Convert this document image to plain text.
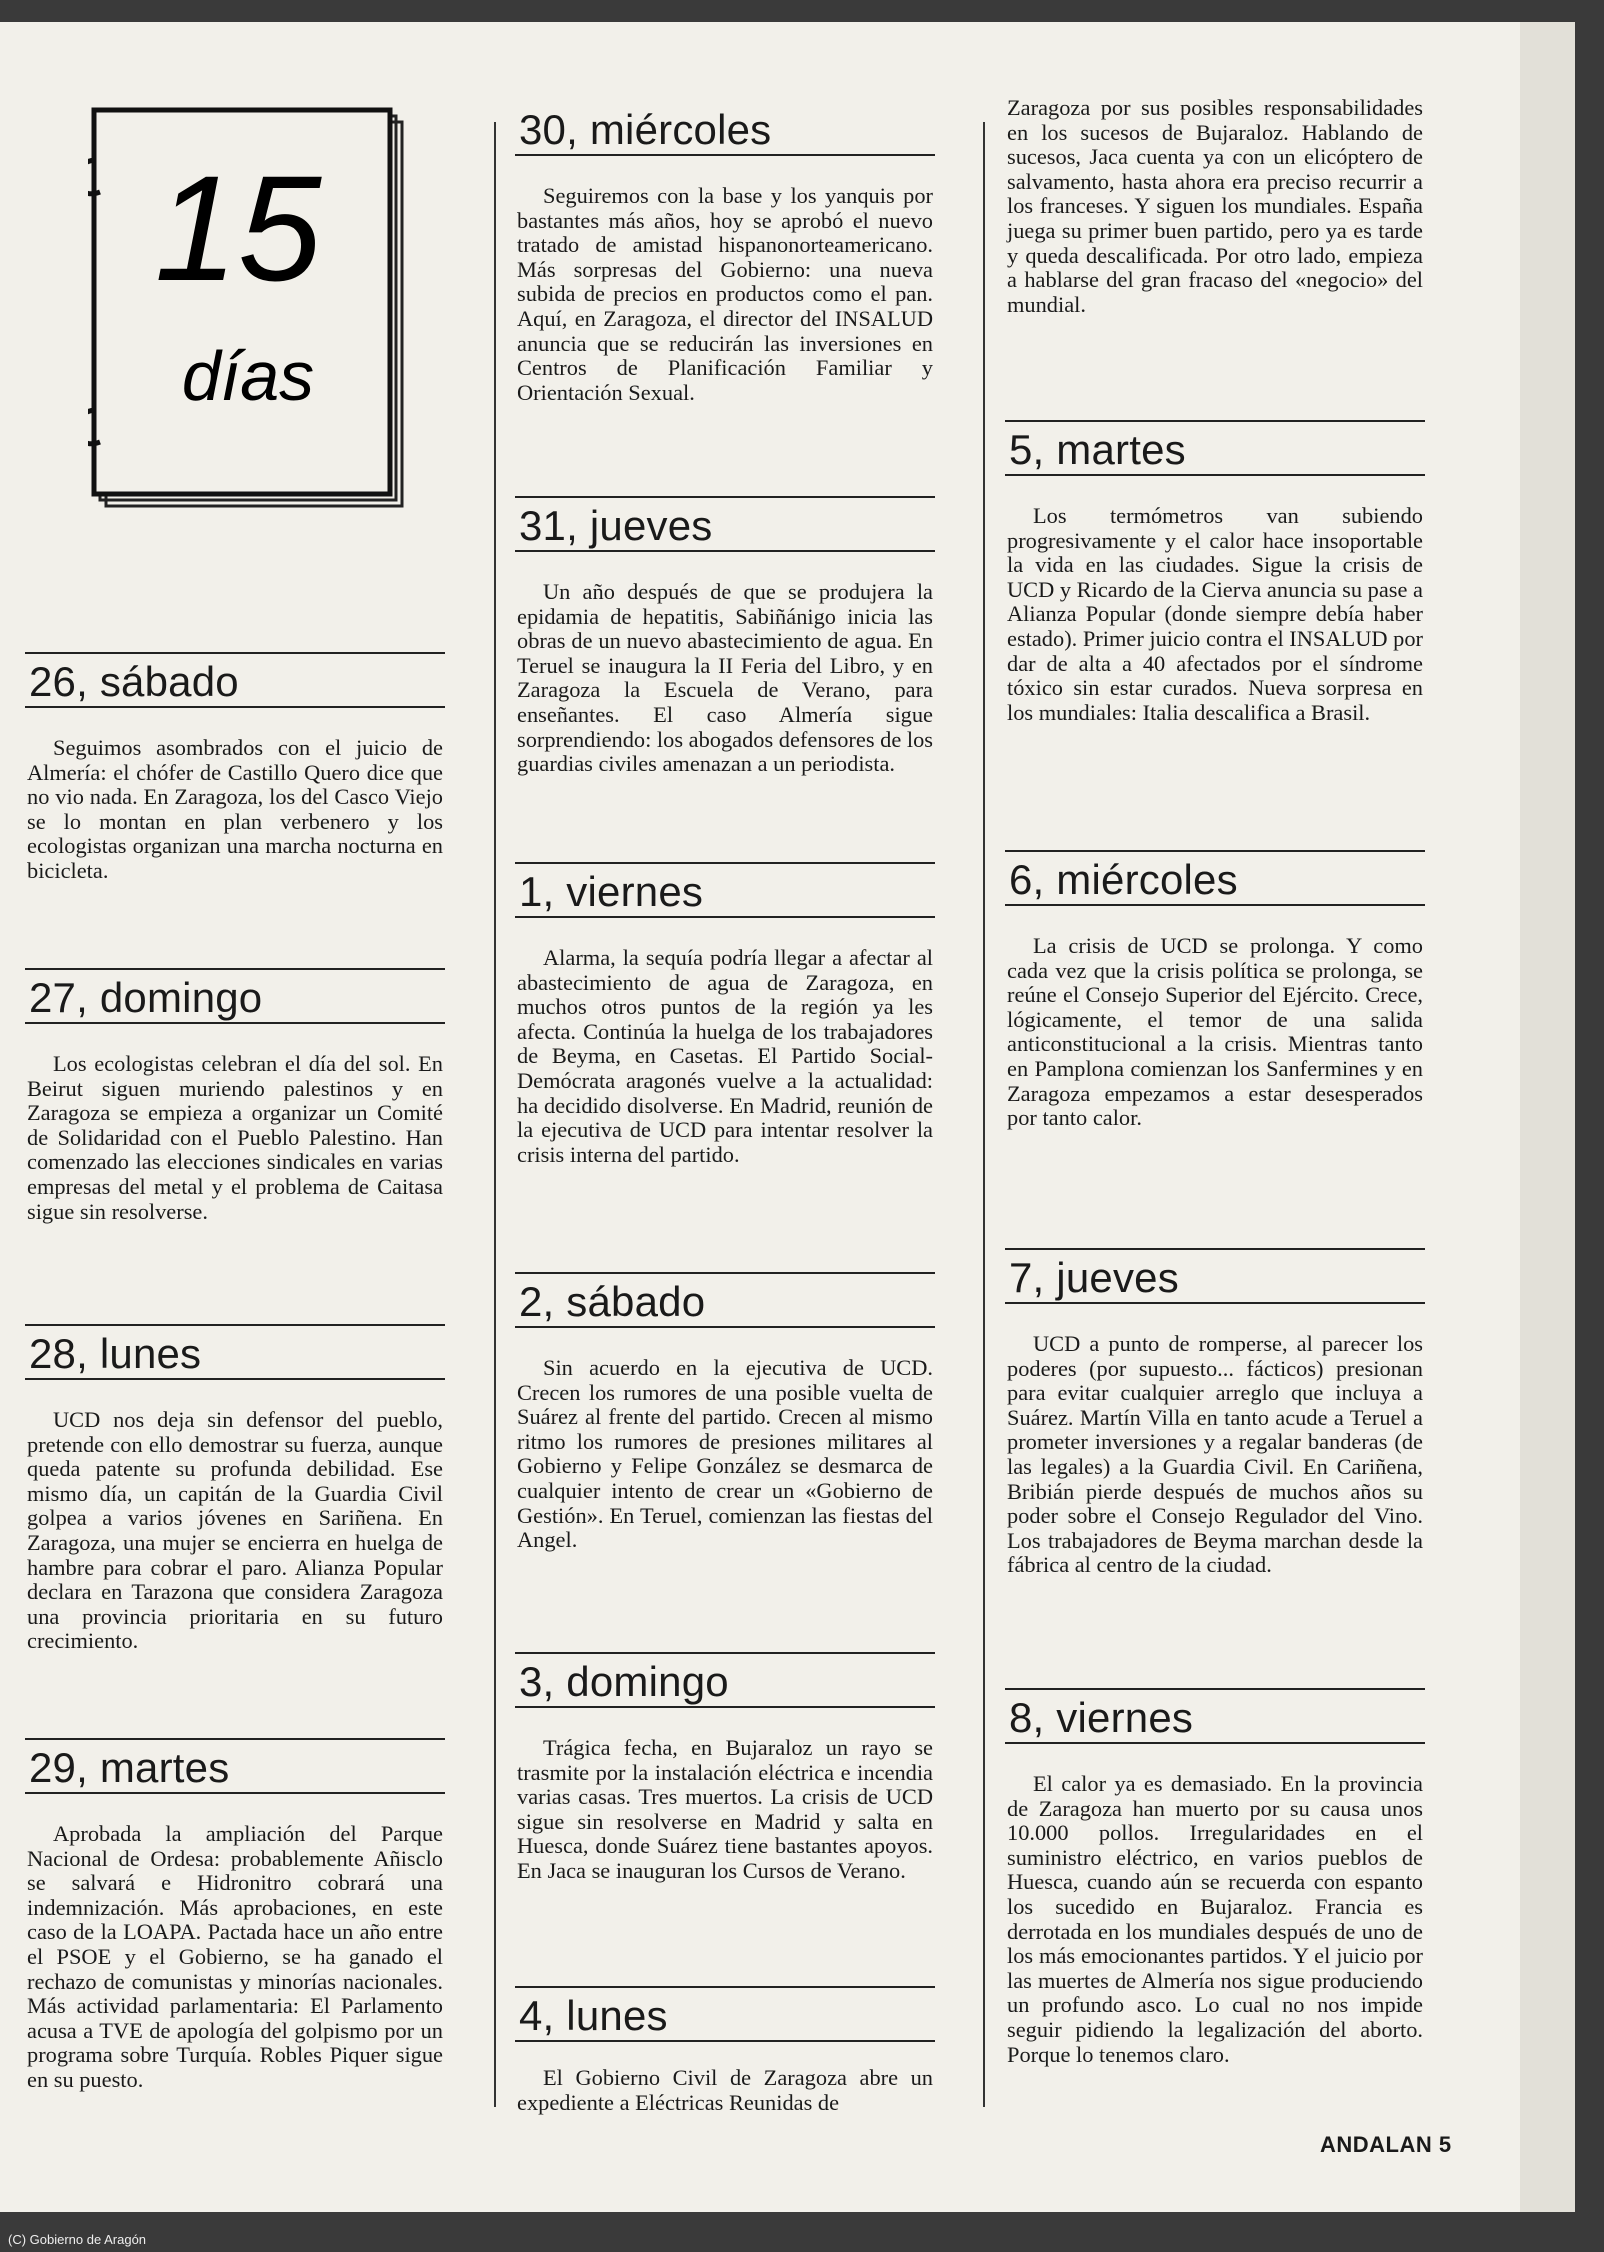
15
días
26, sábado

Seguimos asombrados con el juicio de Almería: el chófer de Castillo Quero dice que no vio nada. En Zaragoza, los del Casco Viejo se lo montan en plan verbenero y los ecologistas organizan una marcha nocturna en bicicleta.

27, domingo

Los ecologistas celebran el día del sol. En Beirut siguen muriendo palestinos y en Zaragoza se empieza a organizar un Comité de Solidaridad con el Pueblo Palestino. Han comenzado las elecciones sindicales en varias empresas del metal y el problema de Caitasa sigue sin resolverse.

28, lunes

UCD nos deja sin defensor del pueblo, pretende con ello demostrar su fuerza, aunque queda patente su profunda debilidad. Ese mismo día, un capitán de la Guardia Civil golpea a varios jóvenes en Sariñena. En Zaragoza, una mujer se encierra en huelga de hambre para cobrar el paro. Alianza Popular declara en Tarazona que considera Zaragoza una provincia prioritaria en su futuro crecimiento.

29, martes

Aprobada la ampliación del Parque Nacional de Ordesa: probablemente Añisclo se salvará e Hidronitro cobrará una indemnización. Más aprobaciones, en este caso de la LOAPA. Pactada hace un año entre el PSOE y el Gobierno, se ha ganado el rechazo de comunistas y minorías nacionales. Más actividad parlamentaria: El Parlamento acusa a TVE de apología del golpismo por un programa sobre Turquía. Robles Piquer sigue en su puesto.

30, miércoles

Seguiremos con la base y los yanquis por bastantes más años, hoy se aprobó el nuevo tratado de amistad hispanonorteamericano. Más sorpresas del Gobierno: una nueva subida de precios en productos como el pan. Aquí, en Zaragoza, el director del INSALUD anuncia que se reducirán las inversiones en Centros de Planificación Familiar y Orientación Sexual.

31, jueves

Un año después de que se produjera la epidamia de hepatitis, Sabiñánigo inicia las obras de un nuevo abastecimiento de agua. En Teruel se inaugura la II Feria del Libro, y en Zaragoza la Escuela de Verano, para enseñantes. El caso Almería sigue sorprendiendo: los abogados defensores de los guardias civiles amenazan a un periodista.

1, viernes

Alarma, la sequía podría llegar a afectar al abastecimiento de agua de Zaragoza, en muchos otros puntos de la región ya les afecta. Continúa la huelga de los trabajadores de Beyma, en Casetas. El Partido Social-Demócrata aragonés vuelve a la actualidad: ha decidido disolverse. En Madrid, reunión de la ejecutiva de UCD para intentar resolver la crisis interna del partido.

2, sábado

Sin acuerdo en la ejecutiva de UCD. Crecen los rumores de una posible vuelta de Suárez al frente del partido. Crecen al mismo ritmo los rumores de presiones militares al Gobierno y Felipe González se desmarca de cualquier intento de crear un «Gobierno de Gestión». En Teruel, comienzan las fiestas del Angel.

3, domingo

Trágica fecha, en Bujaraloz un rayo se trasmite por la instalación eléctrica e incendia varias casas. Tres muertos. La crisis de UCD sigue sin resolverse en Madrid y salta en Huesca, donde Suárez tiene bastantes apoyos. En Jaca se inauguran los Cursos de Verano.

4, lunes

El Gobierno Civil de Zaragoza abre un expediente a Eléctricas Reunidas de

Zaragoza por sus posibles responsabilidades en los sucesos de Bujaraloz. Hablando de sucesos, Jaca cuenta ya con un elicóptero de salvamento, hasta ahora era preciso recurrir a los franceses. Y siguen los mundiales. España juega su primer buen partido, pero ya es tarde y queda descalificada. Por otro lado, empieza a hablarse del gran fracaso del «negocio» del mundial.

5, martes

Los termómetros van subiendo progresivamente y el calor hace insoportable la vida en las ciudades. Sigue la crisis de UCD y Ricardo de la Cierva anuncia su pase a Alianza Popular (donde siempre debía haber estado). Primer juicio contra el INSALUD por dar de alta a 40 afectados por el síndrome tóxico sin estar curados. Nueva sorpresa en los mundiales: Italia descalifica a Brasil.

6, miércoles

La crisis de UCD se prolonga. Y como cada vez que la crisis política se prolonga, se reúne el Consejo Superior del Ejército. Crece, lógicamente, el temor de una salida anticonstitucional a la crisis. Mientras tanto en Pamplona comienzan los Sanfermines y en Zaragoza empezamos a estar desesperados por tanto calor.

7, jueves

UCD a punto de romperse, al parecer los poderes (por supuesto... fácticos) presionan para evitar cualquier arreglo que incluya a Suárez. Martín Villa en tanto acude a Teruel a prometer inversiones y a regalar banderas (de las legales) a la Guardia Civil. En Cariñena, Bribián pierde después de muchos años su poder sobre el Consejo Regulador del Vino. Los trabajadores de Beyma marchan desde la fábrica al centro de la ciudad.

8, viernes

El calor ya es demasiado. En la provincia de Zaragoza han muerto por su causa unos 10.000 pollos. Irregularidades en el suministro eléctrico, en varios pueblos de Huesca, cuando aún se recuerda con espanto los sucedido en Bujaraloz. Francia es derrotada en los mundiales después de uno de los más emocionantes partidos. Y el juicio por las muertes de Almería nos sigue produciendo un profundo asco. Lo cual no nos impide seguir pidiendo la legalización del aborto. Porque lo tenemos claro.

ANDALAN 5
(C) Gobierno de Aragón
